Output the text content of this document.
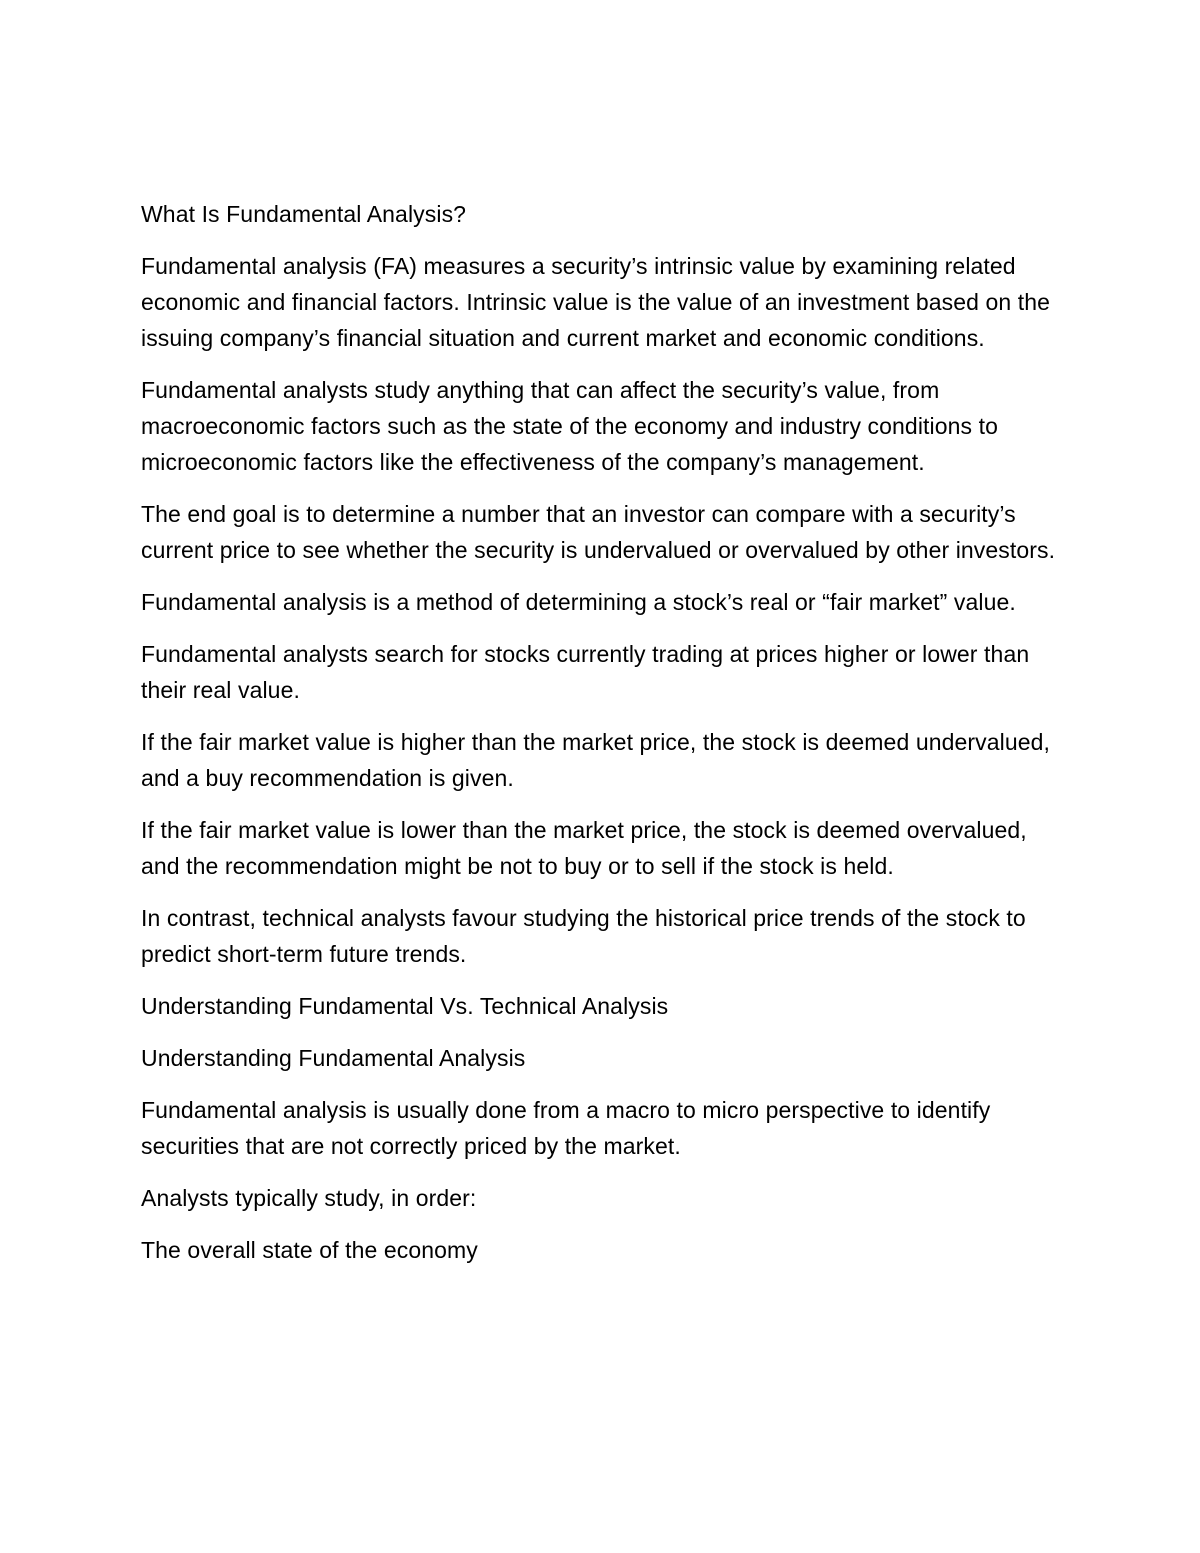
What Is Fundamental Analysis?

Fundamental analysis (FA) measures a security’s intrinsic value by examining related economic and financial factors. Intrinsic value is the value of an investment based on the issuing company’s financial situation and current market and economic conditions.

Fundamental analysts study anything that can affect the security’s value, from macroeconomic factors such as the state of the economy and industry conditions to microeconomic factors like the effectiveness of the company’s management.

The end goal is to determine a number that an investor can compare with a security’s current price to see whether the security is undervalued or overvalued by other investors.

Fundamental analysis is a method of determining a stock’s real or “fair market” value.

Fundamental analysts search for stocks currently trading at prices higher or lower than their real value.

If the fair market value is higher than the market price, the stock is deemed undervalued, and a buy recommendation is given.

If the fair market value is lower than the market price, the stock is deemed overvalued, and the recommendation might be not to buy or to sell if the stock is held.

In contrast, technical analysts favour studying the historical price trends of the stock to predict short-term future trends.

Understanding Fundamental Vs. Technical Analysis

Understanding Fundamental Analysis

Fundamental analysis is usually done from a macro to micro perspective to identify securities that are not correctly priced by the market.

Analysts typically study, in order:

The overall state of the economy
